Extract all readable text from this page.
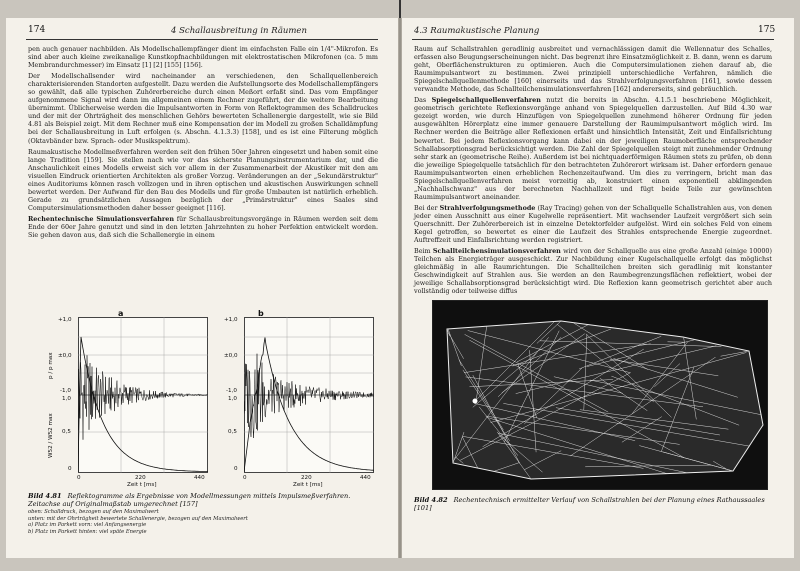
174	4 Schallausbreitung in Räumen

pen auch genauer nachbilden. Als Modellschallempfänger dient im einfachsten Falle ein 1/4"-Mikrofon. Es sind aber auch kleine zweikanalige Kunstkopfnachbildungen mit elektrostatischen Mikrofonen (ca. 5 mm Membrandurchmesser) im Einsatz [1] [2] [155] [156].

Der Modellschallsender wird nacheinander an verschiedenen, den Schallquellenbereich charakterisierenden Standorten aufgestellt. Dazu werden die Aufstellungsorte des Modellschallempfängers so gewählt, daß alle typischen Zuhörerbereiche durch einen Meßort erfaßt sind. Das vom Empfänger aufgenommene Signal wird dann im allgemeinen einem Rechner zugeführt, der die weitere Bearbeitung übernimmt. Üblicherweise werden die Impulsantworten in Form von Reflektogrammen des Schalldruckes und der mit der Ohrträgheit des menschlichen Gehörs bewerteten Schallenergie dargestellt, wie sie Bild 4.81 als Beispiel zeigt. Mit dem Rechner muß eine Kompensation der im Modell zu großen Schalldämpfung bei der Schallausbreitung in Luft erfolgen (s. Abschn. 4.1.3.3) [158], und es ist eine Filterung möglich (Oktavbänder bzw. Sprach- oder Musikspektrum).

Raumakustische Modellmeßverfahren werden seit den frühen 50er Jahren eingesetzt und haben somit eine lange Tradition [159]. Sie stellen nach wie vor das sicherste Planungsinstrumentarium dar, und die Anschaulichkeit eines Modells erweist sich vor allem in der Zusammenarbeit der Akustiker mit den am visuellen Eindruck orientierten Architekten als großer Vorzug. Veränderungen an der „Sekundärstruktur" eines Auditoriums können rasch vollzogen und in ihren optischen und akustischen Auswirkungen schnell bewertet werden. Der Aufwand für den Bau des Modells und für große Umbauten ist natürlich erheblich. Gerade zu grundsätzlichen Aussagen bezüglich der „Primärstruktur" eines Saales sind Computersimulationsmethoden daher besser geeignet [116].

Rechentechnische Simulationsverfahren für Schallausbreitungsvorgänge in Räumen werden seit dem Ende der 60er Jahre genutzt und sind in den letzten Jahrzehnten zu hoher Perfektion entwickelt worden. Sie gehen davon aus, daß sich die Schallenergie in einem

a	b
+1,0
±0,0
-1,0
p / p max
+1,0
±0,0
-1,0
1,0
0,5
0
W52 / W52 max
1,0
0,5
0
0	220	440
Zeit t [ms]
0	220	440
Zeit t [ms]
Bild 4.81 Reflektogramme als Ergebnisse von Modellmessungen mittels Impulsmeßverfahren. Zeitachse auf Originalmaßstab umgerechnet [157]
oben: Schalldruck, bezogen auf den Maximalwert
unten: mit der Ohrträgheit bewertete Schallenergie, bezogen auf den Maximalwert
a) Platz im Parkett vorn: viel Anfangsenergie
b) Platz im Parkett hinten: viel späte Energie
4.3 Raumakustische Planung	175

Raum auf Schallstrahlen geradlinig ausbreitet und vernachlässigen damit die Wellennatur des Schalles, erfassen also Beugungserscheinungen nicht. Das begrenzt ihre Einsatzmöglichkeit z. B. dann, wenn es darum geht, Oberflächenstrukturen zu optimieren. Auch die Computersimulationen ziehen darauf ab, die Raumimpulsantwort zu bestimmen. Zwei prinzipiell unterschiedliche Verfahren, nämlich die Spiegelschallquellenmethode [160] einerseits und das Strahlverfolgungsverfahren [161], sowie dessen verwandte Methode, das Schallteilchensimulationsverfahren [162] andererseits, sind gebräuchlich.

Das Spiegelschallquellenverfahren nutzt die bereits in Abschn. 4.1.5.1 beschriebene Möglichkeit, geometrisch gerichtete Reflexionsvorgänge anhand von Spiegelquellen darzustellen. Auf Bild 4.30 war gezeigt worden, wie durch Hinzufügen von Spiegelquellen zunehmend höherer Ordnung für jeden ausgewählten Hörerplatz eine immer genauere Darstellung der Raumimpulsantwort möglich wird. Im Rechner werden die Beiträge aller Reflexionen erfaßt und hinsichtlich Intensität, Zeit und Einfallsrichtung bewertet. Bei jedem Reflexionsvorgang kann dabei ein der jeweiligen Raumoberfläche entsprechender Schallabsorptionsgrad berücksichtigt werden. Die Zahl der Spiegelquellen steigt mit zunehmender Ordnung sehr stark an (geometrische Reihe). Außerdem ist bei nichtquaderförmigen Räumen stets zu prüfen, ob denn die jeweilige Spiegelquelle tatsächlich für den betrachteten Zuhörerort wirksam ist. Daher erfordern genaue Raumimpulsantworten einen erheblichen Rechenzeitaufwand. Um dies zu verringern, bricht man das Spiegelschallquellenverfahren meist vorzeitig ab, konstruiert einen exponentiell abklingenden „Nachhallschwanz" aus der berechneten Nachhallzeit und fügt beide Teile zur gewünschten Raumimpulsantwort aneinander.

Bei der Strahlverfolgungsmethode (Ray Tracing) gehen von der Schallquelle Schallstrahlen aus, von denen jeder einen Ausschnitt aus einer Kugelwelle repräsentiert. Mit wachsender Laufzeit vergrößert sich sein Querschnitt. Der Zuhörerbereich ist in einzelne Detektorfelder aufgelöst. Wird ein solches Feld von einem Kegel getroffen, so bewertet es einer die Laufzeit des Strahles entsprechende Energie zugeordnet. Auftreffzeit und Einfallsrichtung werden registriert.

Beim Schallteilchensimulationsverfahren wird von der Schallquelle aus eine große Anzahl (einige 10000) Teilchen als Energieträger ausgeschickt. Zur Nachbildung einer Kugelschallquelle erfolgt das möglichst gleichmäßig in alle Raumrichtungen. Die Schallteilchen breiten sich geradlinig mit konstanter Geschwindigkeit auf Strahlen aus. Sie werden an den Raumbegrenzungsflächen reflektiert, wobei der jeweilige Schallabsorptionsgrad berücksichtigt wird. Die Reflexion kann geometrisch gerichtet aber auch vollständig oder teilweise diffus

Bild 4.82 Rechentechnisch ermittelter Verlauf von Schallstrahlen bei der Planung eines Rathaussaales [101]
